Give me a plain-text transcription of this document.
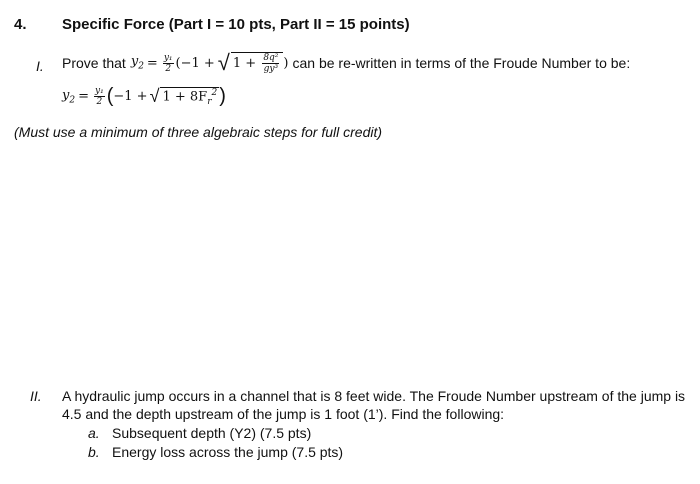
4. Specific Force (Part I = 10 pts, Part II = 15 points)
I. Prove that $y_2 = \frac{\text{y₁}}{2} (-1$ + √ $1 + \frac{\text{8q²}}{\text{gy³}}$ ) can be re-written in terms of the Froude Number to be:
$y_2 = \frac{\text{y₁}}{2}$ ( −1 + √ $1 + 8F_r^2$ )
(Must use a minimum of three algebraic steps for full credit)
II. A hydraulic jump occurs in a channel that is 8 feet wide. The Froude Number upstream of the jump is
4.5 and the depth upstream of the jump is 1 foot (1’). Find the following:
a. Subsequent depth (Y2) (7.5 pts)
b. Energy loss across the jump (7.5 pts)
